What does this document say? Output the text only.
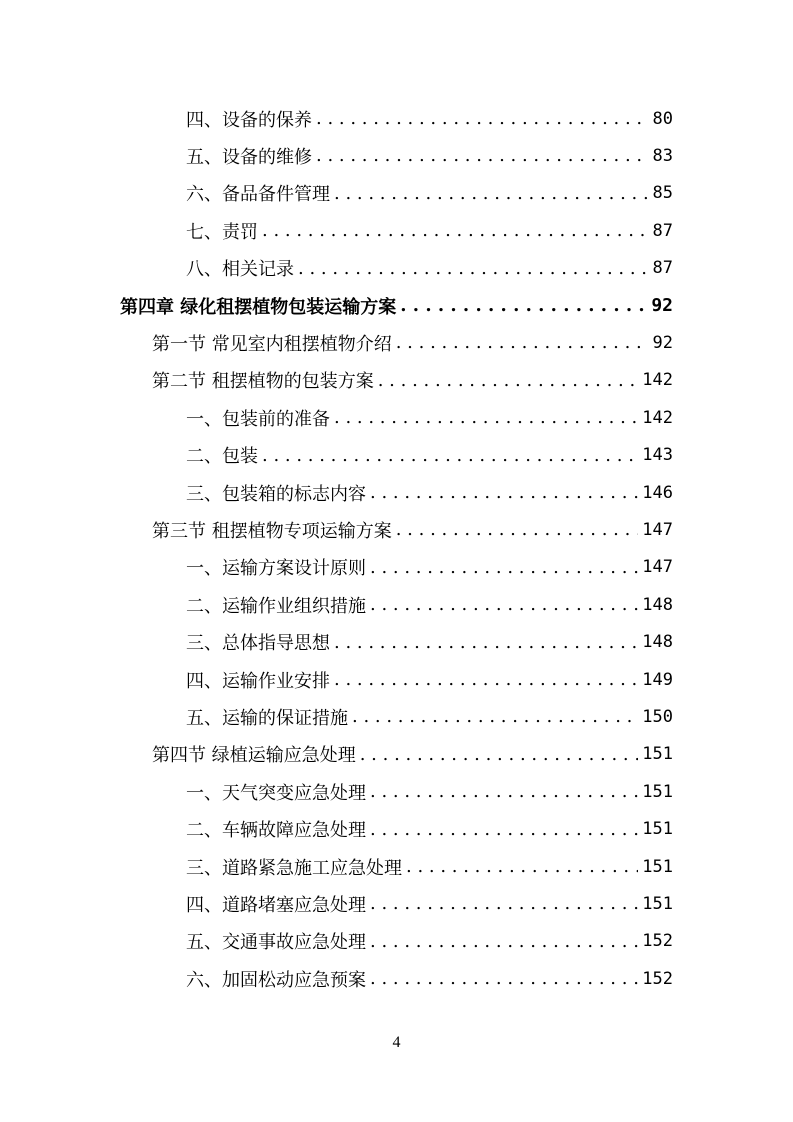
四、设备的保养 . . .	80
五、设备的维修 . . .	83
六、备品备件管理 . . .	85
七、责罚 . . .	87
八、相关记录 . . .	87
第四章 绿化租摆植物包装运输方案 . . .	92
第一节 常见室内租摆植物介绍 . . .	92
第二节 租摆植物的包装方案 . . .	142
一、包装前的准备 . . .	142
二、包装 . . .	143
三、包装箱的标志内容 . . .	146
第三节 租摆植物专项运输方案 . . .	147
一、运输方案设计原则 . . .	147
二、运输作业组织措施 . . .	148
三、总体指导思想 . . .	148
四、运输作业安排 . . .	149
五、运输的保证措施 . . .	150
第四节 绿植运输应急处理 . . .	151
一、天气突变应急处理 . . .	151
二、车辆故障应急处理 . . .	151
三、道路紧急施工应急处理 . . .	151
四、道路堵塞应急处理 . . .	151
五、交通事故应急处理 . . .	152
六、加固松动应急预案 . . .	152
4
